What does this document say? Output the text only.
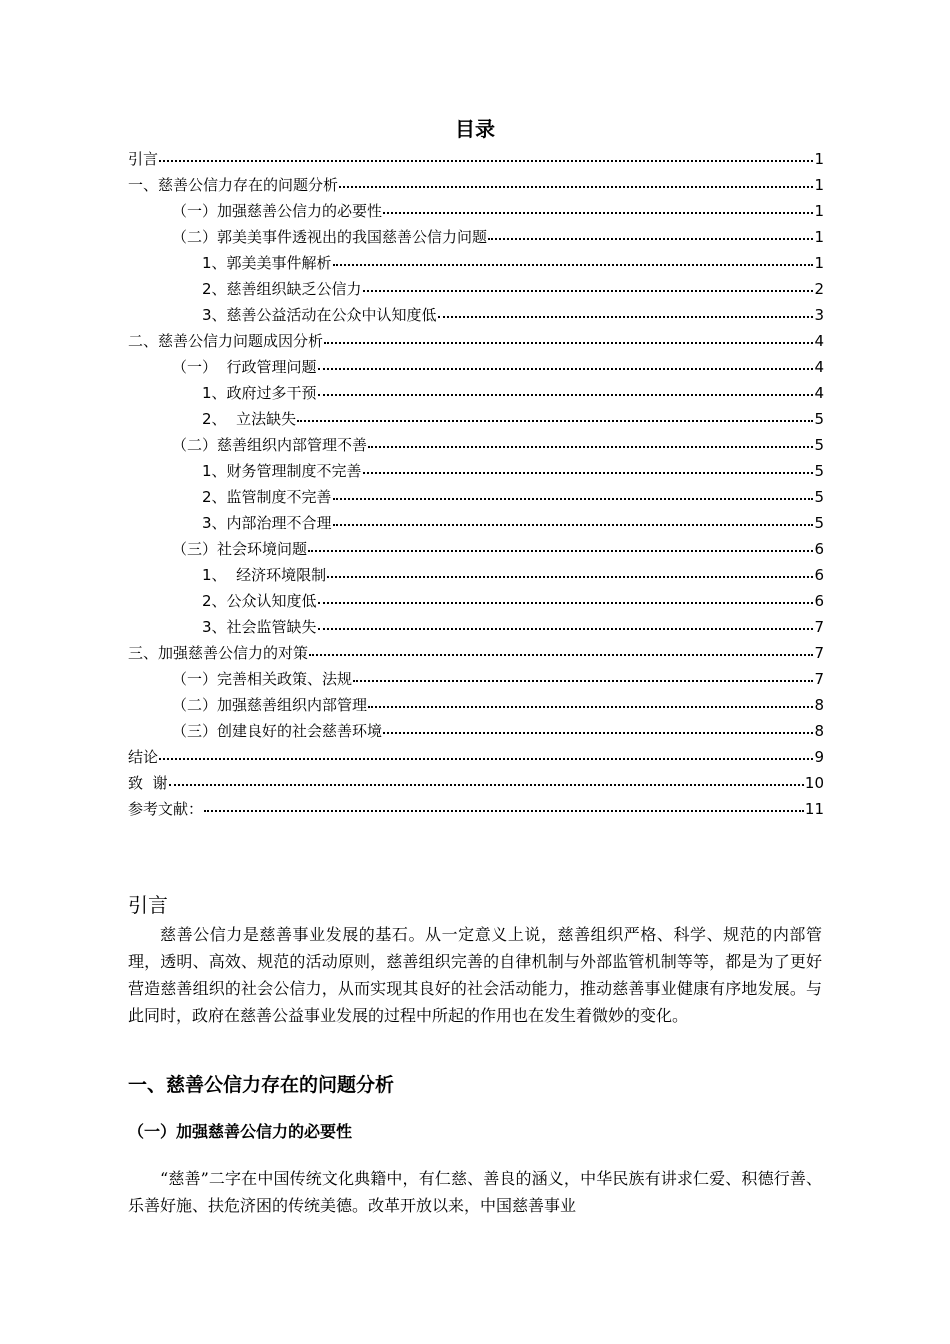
目录
引言	1
一、慈善公信力存在的问题分析	1
（一）加强慈善公信力的必要性	1
（二）郭美美事件透视出的我国慈善公信力问题	1
1、郭美美事件解析	1
2、慈善组织缺乏公信力	2
3、慈善公益活动在公众中认知度低	3
二、慈善公信力问题成因分析	4
（一）  行政管理问题	4
1、政府过多干预	4
2、  立法缺失	5
（二）慈善组织内部管理不善	5
1、财务管理制度不完善	5
2、监管制度不完善	5
3、内部治理不合理	5
（三）社会环境问题	6
1、  经济环境限制	6
2、公众认知度低	6
3、社会监管缺失	7
三、加强慈善公信力的对策	7
（一）完善相关政策、法规	7
（二）加强慈善组织内部管理	8
（三）创建良好的社会慈善环境	8
结论	9
致  谢	10
参考文献：	11
引言
慈善公信力是慈善事业发展的基石。从一定意义上说，慈善组织严格、科学、规范的内部管理，透明、高效、规范的活动原则，慈善组织完善的自律机制与外部监管机制等等，都是为了更好营造慈善组织的社会公信力，从而实现其良好的社会活动能力，推动慈善事业健康有序地发展。与此同时，政府在慈善公益事业发展的过程中所起的作用也在发生着微妙的变化。
一、慈善公信力存在的问题分析
（一）加强慈善公信力的必要性
“慈善”二字在中国传统文化典籍中，有仁慈、善良的涵义，中华民族有讲求仁爱、积德行善、乐善好施、扶危济困的传统美德。改革开放以来，中国慈善事业
